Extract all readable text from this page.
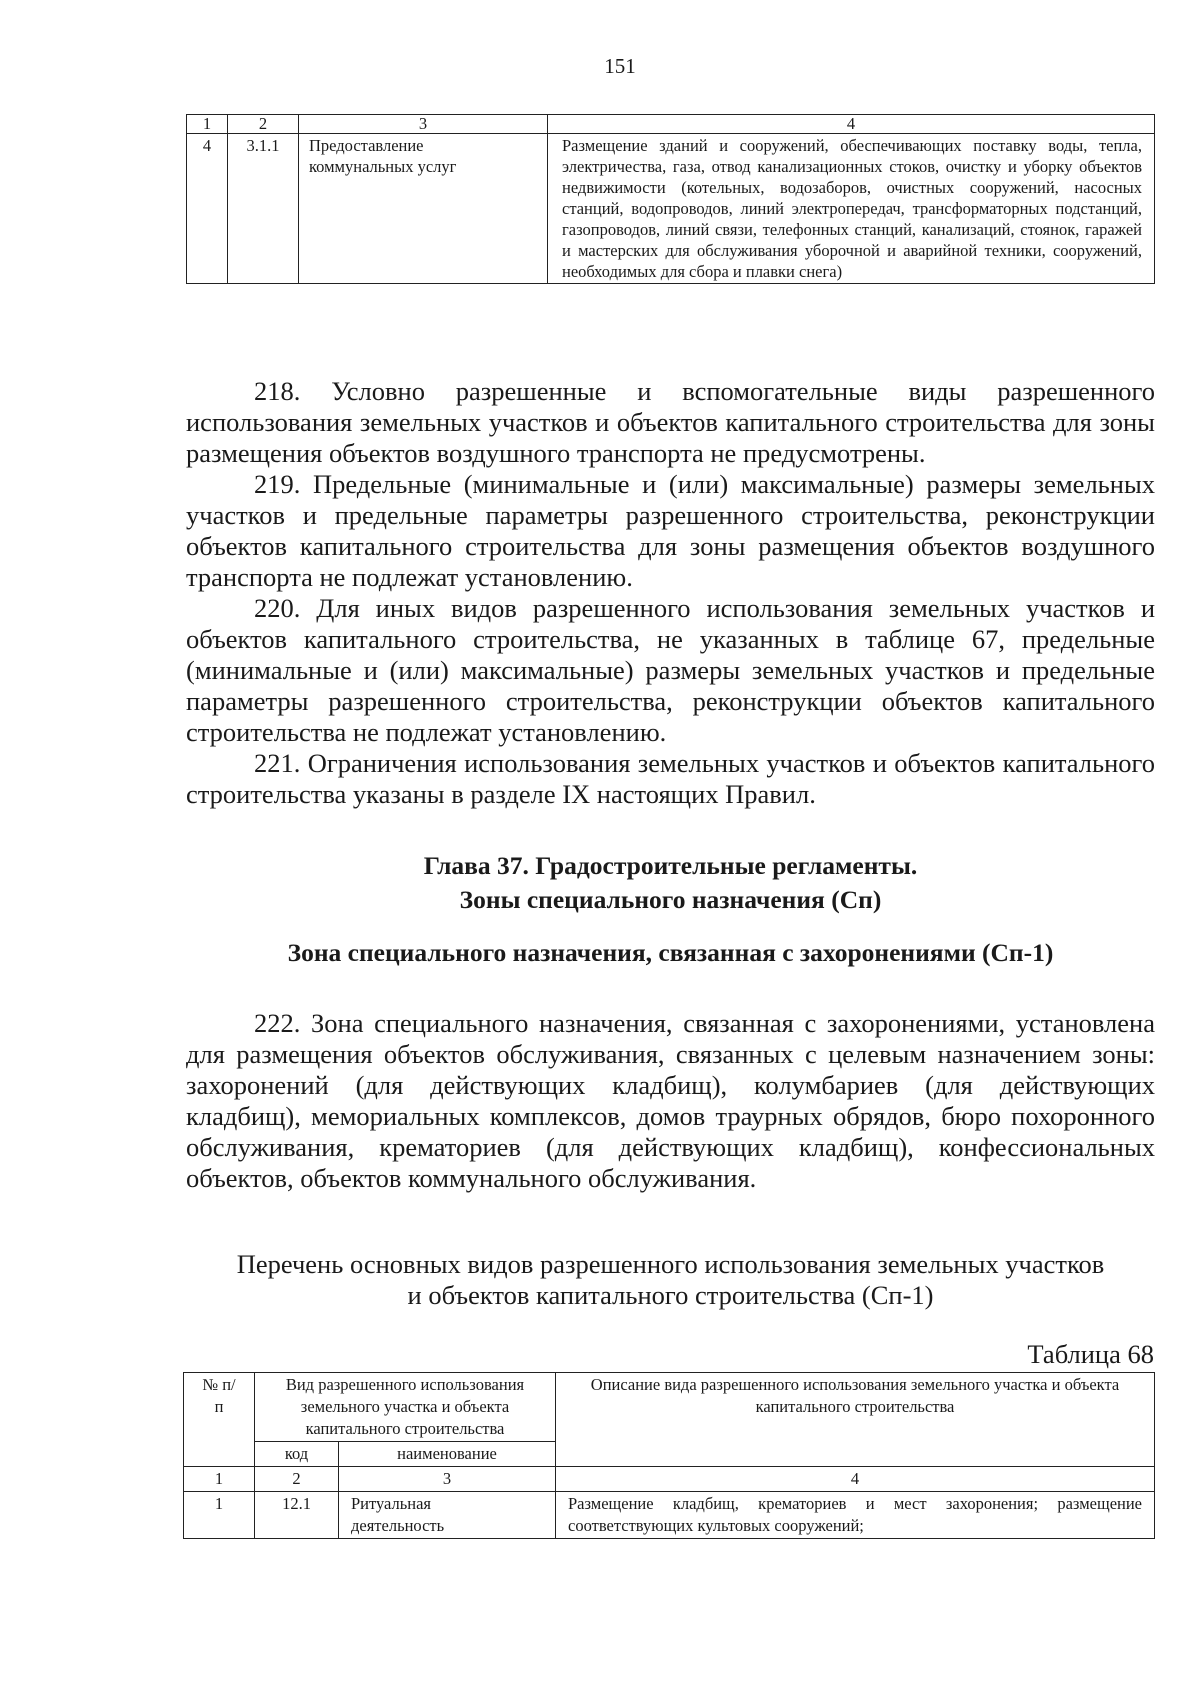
151
1	2	3	4
4	3.1.1	Предоставление коммунальных услуг	Размещение зданий и сооружений, обеспечивающих поставку воды, тепла, электричества, газа, отвод канализационных стоков, очистку и уборку объектов недвижимости (котельных, водозаборов, очистных сооружений, насосных станций, водопроводов, линий электропередач, трансформаторных подстанций, газопроводов, линий связи, телефонных станций, канализаций, стоянок, гаражей и мастерских для обслуживания уборочной и аварийной техники, сооружений, необходимых для сбора и плавки снега)

218. Условно разрешенные и вспомогательные виды разрешенного использования земельных участков и объектов капитального строительства для зоны размещения объектов воздушного транспорта не предусмотрены.

219. Предельные (минимальные и (или) максимальные) размеры земельных участков и предельные параметры разрешенного строительства, реконструкции объектов капитального строительства для зоны размещения объектов воздушного транспорта не подлежат установлению.

220. Для иных видов разрешенного использования земельных участков и объектов капитального строительства, не указанных в таблице 67, предельные (минимальные и (или) максимальные) размеры земельных участков и предельные параметры разрешенного строительства, реконструкции объектов капитального строительства не подлежат установлению.

221. Ограничения использования земельных участков и объектов капитального строительства указаны в разделе IX настоящих Правил.

Глава 37. Градостроительные регламенты.
Зоны специального назначения (Сп)
Зона специального назначения, связанная с захоронениями (Сп-1)

222. Зона специального назначения, связанная с захоронениями, установлена для размещения объектов обслуживания, связанных с целевым назначением зоны: захоронений (для действующих кладбищ), колумбариев (для действующих кладбищ), мемориальных комплексов, домов траурных обрядов, бюро похоронного обслуживания, крематориев (для действующих кладбищ), конфессиональных объектов, объектов коммунального обслуживания.

Перечень основных видов разрешенного использования земельных участков
и объектов капитального строительства (Сп-1)
Таблица 68
№ п/п	Вид разрешенного использования земельного участка и объекта капитального строительства		Описание вида разрешенного использования земельного участка и объекта капитального строительства
	код	наименование	
1	2	3	4
1	12.1	Ритуальная деятельность	Размещение кладбищ, крематориев и мест захоронения; размещение соответствующих культовых сооружений;
